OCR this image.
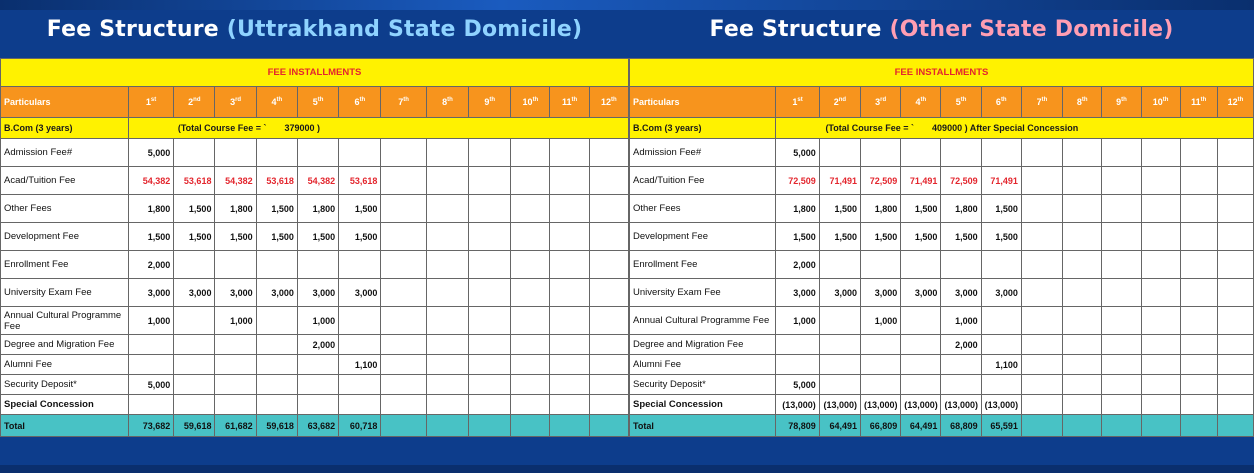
Fee Structure
(Uttrakhand State Domicile)
FEE INSTALLMENTS												
Particulars	1st	2nd	3rd	4th	5th	6th	7th	8th	9th	10th	11th	12th
B.Com (3 years)	(Total Course Fee = ` 379000 )											
Admission Fee#	5,000											
Acad/Tuition Fee	54,382	53,618	54,382	53,618	54,382	53,618						
Other Fees	1,800	1,500	1,800	1,500	1,800	1,500						
Development Fee	1,500	1,500	1,500	1,500	1,500	1,500						
Enrollment Fee	2,000											
University Exam Fee	3,000	3,000	3,000	3,000	3,000	3,000						
Annual Cultural Programme Fee	1,000		1,000		1,000							
Degree and Migration Fee					2,000							
Alumni Fee						1,100						
Security Deposit*	5,000											
Special Concession												
Total	73,682	59,618	61,682	59,618	63,682	60,718						
Fee Structure
(Other State Domicile)
FEE INSTALLMENTS												
Particulars	1st	2nd	3rd	4th	5th	6th	7th	8th	9th	10th	11th	12th
B.Com (3 years)	(Total Course Fee = ` 409000 ) After Special Concession											
Admission Fee#	5,000											
Acad/Tuition Fee	72,509	71,491	72,509	71,491	72,509	71,491						
Other Fees	1,800	1,500	1,800	1,500	1,800	1,500						
Development Fee	1,500	1,500	1,500	1,500	1,500	1,500						
Enrollment Fee	2,000											
University Exam Fee	3,000	3,000	3,000	3,000	3,000	3,000						
Annual Cultural Programme Fee	1,000		1,000		1,000							
Degree and Migration Fee					2,000							
Alumni Fee						1,100						
Security Deposit*	5,000											
Special Concession	(13,000)	(13,000)	(13,000)	(13,000)	(13,000)	(13,000)						
Total	78,809	64,491	66,809	64,491	68,809	65,591						
